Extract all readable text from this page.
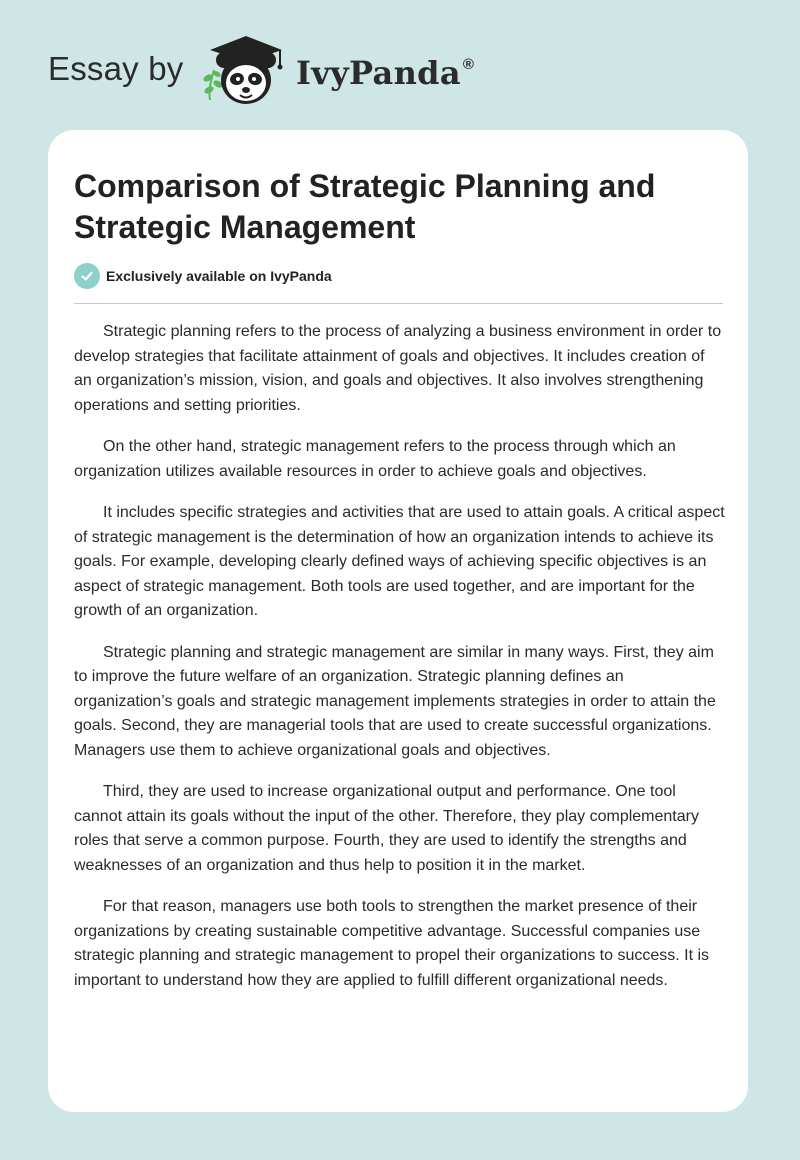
Essay by	IvyPanda ®
Comparison of Strategic Planning and Strategic Management
Exclusively available on IvyPanda

Strategic planning refers to the process of analyzing a business environment in order to develop strategies that facilitate attainment of goals and objectives. It includes creation of an organization’s mission, vision, and goals and objectives. It also involves strengthening operations and setting priorities.

On the other hand, strategic management refers to the process through which an organization utilizes available resources in order to achieve goals and objectives.

It includes specific strategies and activities that are used to attain goals. A critical aspect of strategic management is the determination of how an organization intends to achieve its goals. For example, developing clearly defined ways of achieving specific objectives is an aspect of strategic management. Both tools are used together, and are important for the growth of an organization.

Strategic planning and strategic management are similar in many ways. First, they aim to improve the future welfare of an organization. Strategic planning defines an organization’s goals and strategic management implements strategies in order to attain the goals. Second, they are managerial tools that are used to create successful organizations. Managers use them to achieve organizational goals and objectives.

Third, they are used to increase organizational output and performance. One tool cannot attain its goals without the input of the other. Therefore, they play complementary roles that serve a common purpose. Fourth, they are used to identify the strengths and weaknesses of an organization and thus help to position it in the market.

For that reason, managers use both tools to strengthen the market presence of their organizations by creating sustainable competitive advantage. Successful companies use strategic planning and strategic management to propel their organizations to success. It is important to understand how they are applied to fulfill different organizational needs.
